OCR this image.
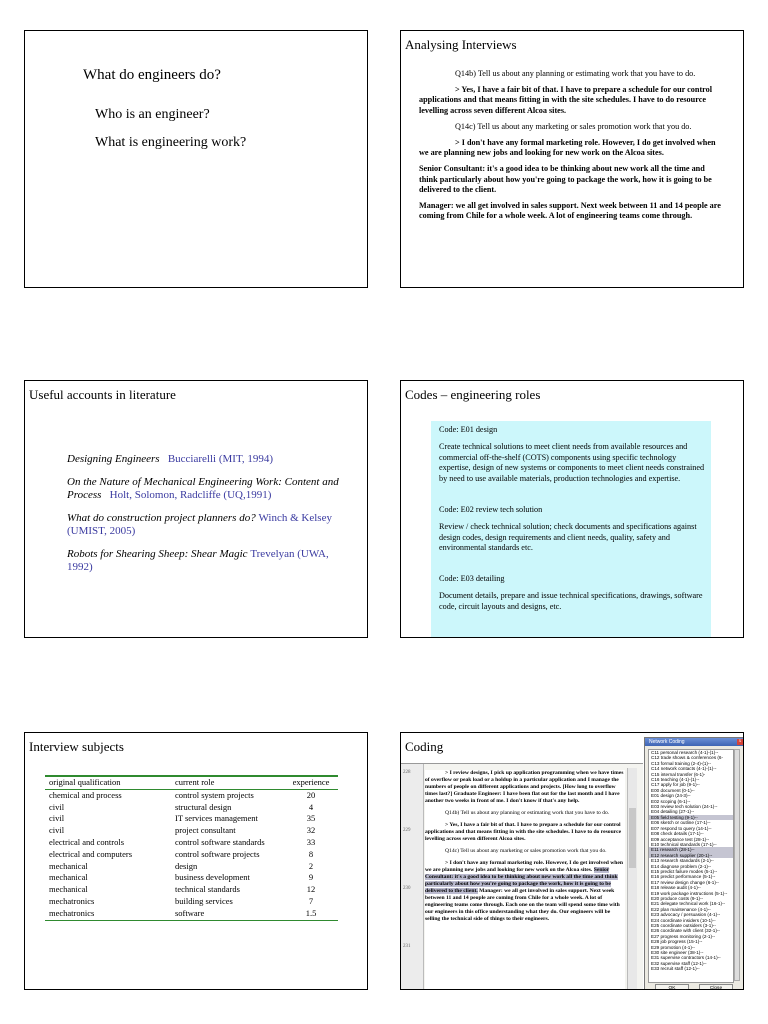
What do engineers do?
Who is an engineer?
What is engineering work?
Analysing Interviews

Q14b) Tell us about any planning or estimating work that you have to do.

> Yes, I have a fair bit of that. I have to prepare a schedule for our control applications and that means fitting in with the site schedules. I have to do resource levelling across seven different Alcoa sites.

Q14c) Tell us about any marketing or sales promotion work that you do.

> I don't have any formal marketing role. However, I do get involved when we are planning new jobs and looking for new work on the Alcoa sites.

Senior Consultant: it's a good idea to be thinking about new work all the time and think particularly about how you're going to package the work, how it is going to be delivered to the client.

Manager: we all get involved in sales support. Next week between 11 and 14 people are coming from Chile for a whole week. A lot of engineering teams come through.

Useful accounts in literature

Designing Engineers Bucciarelli (MIT, 1994)

On the Nature of Mechanical Engineering Work: Content and Process Holt, Solomon, Radcliffe (UQ,1991)

What do construction project planners do? Winch & Kelsey (UMIST, 2005)

Robots for Shearing Sheep: Shear Magic Trevelyan (UWA, 1992)

Codes – engineering roles

Code: E01 design

Create technical solutions to meet client needs from available resources and commercial off-the-shelf (COTS) components using specific technology expertise, design of new systems or components to meet client needs constrained by need to use available materials, production technologies and expertise.

Code: E02 review tech solution

Review / check technical solution; check documents and specifications against design codes, design requirements and client needs, quality, safety and environmental standards etc.

Code: E03 detailing

Document details, prepare and issue technical specifications, drawings, software code, circuit layouts and designs, etc.

Interview subjects
original qualification	current role	experience
chemical and process	control system projects	20
civil	structural design	4
civil	IT services management	35
civil	project consultant	32
electrical and controls	control software standards	33
electrical and computers	control software projects	8
mechanical	design	2
mechanical	business development	9
mechanical	technical standards	12
mechatronics	building services	7
mechatronics	software	1.5
Coding
228
229
230
231

> I review designs, I pick up application programming when we have times of overflow or peak load or a holdup in a particular application and I manage the numbers of people on different applications and projects. [How long to overflow times last?] Graduate Engineer: I have been flat out for the last month and I have another two weeks in front of me. I don't know if that's any help.

Q14b) Tell us about any planning or estimating work that you have to do.

> Yes, I have a fair bit of that. I have to prepare a schedule for our control applications and that means fitting in with the site schedules. I have to do resource levelling across seven different Alcoa sites.

Q14c) Tell us about any marketing or sales promotion work that you do.

> I don't have any formal marketing role. However, I do get involved when we are planning new jobs and looking for new work on the Alcoa sites. Senior Consultant: it's a good idea to be thinking about new work all the time and think particularly about how you're going to package the work, how it is going to be delivered to the client. Manager: we all get involved in sales support. Next week between 11 and 14 people are coming from Chile for a whole week. A lot of engineering teams come through. Each one on the team will spend some time with our engineers in this office understanding what they do. Our engineers will be selling the technical side of things to their engineers.

Network Coding	x
C11 personal research (4-1)-(1)--
C12 trade shows & conferences (6-
C13 formal training (2-4)-(1)--
C14 network contacts (4-1)-(1)--
C15 internal transfer (6-1)-
C16 teaching (4-1)-(1)--
C17 apply for job (9-1)--
E00 document (0-1)--
E01 design (24-3)--
E02 scoping (6-1)--
E03 review tech solution (24-1)--
E04 detailing (27-1)--
E05 field testing (9-1)--
E06 sketch or outline (17-1)--
E07 respond to query (14-1)--
E08 check details (17-1)--
E09 acceptance test (28-1)--
E10 technical standards (17-1)--
E11 research (28-1)--
E12 research supplier (20-1)--
E13 research standards (2-1)--
E14 diagnose problem (2-1)--
E15 predict failure modes (5-1)--
E16 predict performance (5-1)--
E17 review design change (6-1)--
E18 release audit (4-1)--
E19 work package instructions (5-1)--
E20 produce costs (9-1)--
E21 delegate technical work (16-1)--
E22 plan maintenance (4-1)--
E23 advocacy / persuasion (4-1)--
E24 coordinate insiders (10-1)--
E25 coordinate outsiders (3-1)--
E26 coordinate with client (32-1)--
E27 progress monitoring (2-1)--
E28 job progress (15-1)--
E29 promotion (4-1)--
E30 site engineer (38-1)--
E31 supervise contractors (14-1)--
E32 supervise staff (12-1)--
E33 recruit staff (12-1)--
OK	Close
